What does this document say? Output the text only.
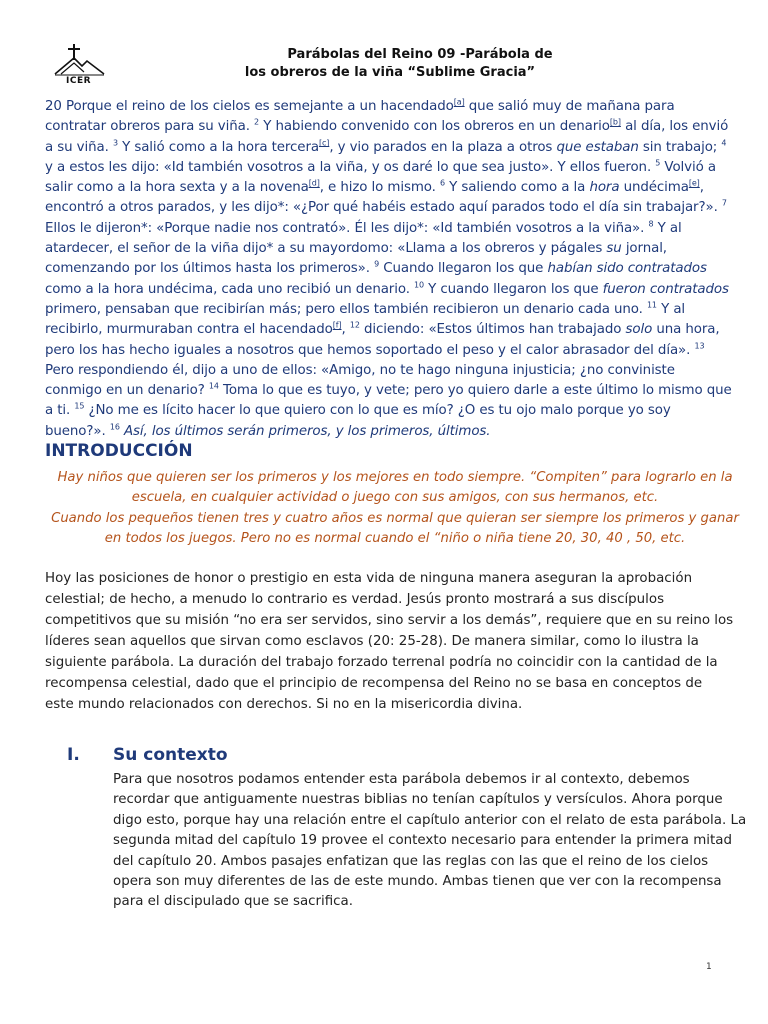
ICER
Parábolas del Reino 09 -Parábola de
los obreros de la viña “Sublime Gracia”
20 Porque el reino de los cielos es semejante a un hacendado[a] que salió muy de mañana para contratar obreros para su viña. $^2$ Y habiendo convenido con los obreros en un denario[b] al día, los envió a su viña. $^3$ Y salió como a la hora tercera[c], y vio parados en la plaza a otros que estaban sin trabajo; $^4$ y a estos les dijo: «Id también vosotros a la viña, y os daré lo que sea justo». Y ellos fueron. $^5$ Volvió a salir como a la hora sexta y a la novena[d], e hizo lo mismo. $^6$ Y saliendo como a la hora undécima[e], encontró a otros parados, y les dijo*: «¿Por qué habéis estado aquí parados todo el día sin trabajar?». $^7$ Ellos le dijeron*: «Porque nadie nos contrató». Él les dijo*: «Id también vosotros a la viña». $^8$ Y al atardecer, el señor de la viña dijo* a su mayordomo: «Llama a los obreros y págales su jornal, comenzando por los últimos hasta los primeros». $^9$ Cuando llegaron los que habían sido contratados como a la hora undécima, cada uno recibió un denario. $^{10}$ Y cuando llegaron los que fueron contratados primero, pensaban que recibirían más; pero ellos también recibieron un denario cada uno. $^{11}$ Y al recibirlo, murmuraban contra el hacendado[f], $^{12}$ diciendo: «Estos últimos han trabajado solo una hora, pero los has hecho iguales a nosotros que hemos soportado el peso y el calor abrasador del día». $^{13}$ Pero respondiendo él, dijo a uno de ellos: «Amigo, no te hago ninguna injusticia; ¿no conviniste conmigo en un denario? $^{14}$ Toma lo que es tuyo, y vete; pero yo quiero darle a este último lo mismo que a ti. $^{15}$ ¿No me es lícito hacer lo que quiero con lo que es mío? ¿O es tu ojo malo porque yo soy bueno?». $^{16}$ Así, los últimos serán primeros, y los primeros, últimos.
INTRODUCCIÓN
Hay niños que quieren ser los primeros y los mejores en todo siempre. “Compiten” para lograrlo en la escuela, en cualquier actividad o juego con sus amigos, con sus hermanos, etc.
Cuando los pequeños tienen tres y cuatro años es normal que quieran ser siempre los primeros y ganar en todos los juegos. Pero no es normal cuando el “niño o niña tiene 20, 30, 40 , 50, etc.
Hoy las posiciones de honor o prestigio en esta vida de ninguna manera aseguran la aprobación celestial; de hecho, a menudo lo contrario es verdad. Jesús pronto mostrará a sus discípulos competitivos que su misión “no era ser servidos, sino servir a los demás”, requiere que en su reino los líderes sean aquellos que sirvan como esclavos (20: 25-28). De manera similar, como lo ilustra la siguiente parábola. La duración del trabajo forzado terrenal podría no coincidir con la cantidad de la recompensa celestial, dado que el principio de recompensa del Reino no se basa en conceptos de este mundo relacionados con derechos. Si no en la misericordia divina.
I. Su contexto
Para que nosotros podamos entender esta parábola debemos ir al contexto, debemos recordar que antiguamente nuestras biblias no tenían capítulos y versículos. Ahora porque digo esto, porque hay una relación entre el capítulo anterior con el relato de esta parábola. La segunda mitad del capítulo 19 provee el contexto necesario para entender la primera mitad del capítulo 20. Ambos pasajes enfatizan que las reglas con las que el reino de los cielos opera son muy diferentes de las de este mundo. Ambas tienen que ver con la recompensa para el discipulado que se sacrifica.
1
